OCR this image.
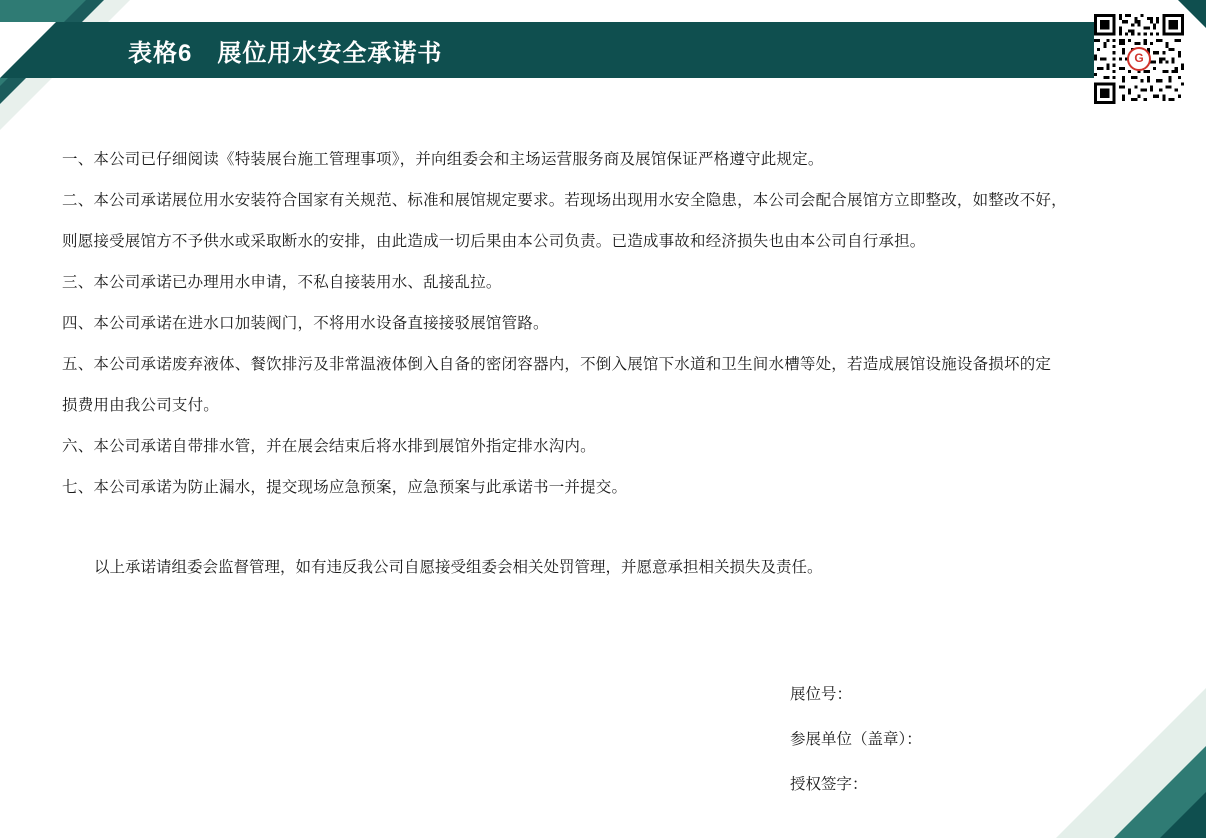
表格6　展位用水安全承诺书	G

一、本公司已仔细阅读《特装展台施工管理事项》，并向组委会和主场运营服务商及展馆保证严格遵守此规定。

二、本公司承诺展位用水安装符合国家有关规范、标准和展馆规定要求。若现场出现用水安全隐患，本公司会配合展馆方立即整改，如整改不好，

则愿接受展馆方不予供水或采取断水的安排，由此造成一切后果由本公司负责。已造成事故和经济损失也由本公司自行承担。

三、本公司承诺已办理用水申请，不私自接装用水、乱接乱拉。

四、本公司承诺在进水口加装阀门，不将用水设备直接接驳展馆管路。

五、本公司承诺废弃液体、餐饮排污及非常温液体倒入自备的密闭容器内，不倒入展馆下水道和卫生间水槽等处，若造成展馆设施设备损坏的定

损费用由我公司支付。

六、本公司承诺自带排水管，并在展会结束后将水排到展馆外指定排水沟内。

七、本公司承诺为防止漏水，提交现场应急预案，应急预案与此承诺书一并提交。

以上承诺请组委会监督管理，如有违反我公司自愿接受组委会相关处罚管理，并愿意承担相关损失及责任。

展位号：
参展单位（盖章）：
授权签字：
